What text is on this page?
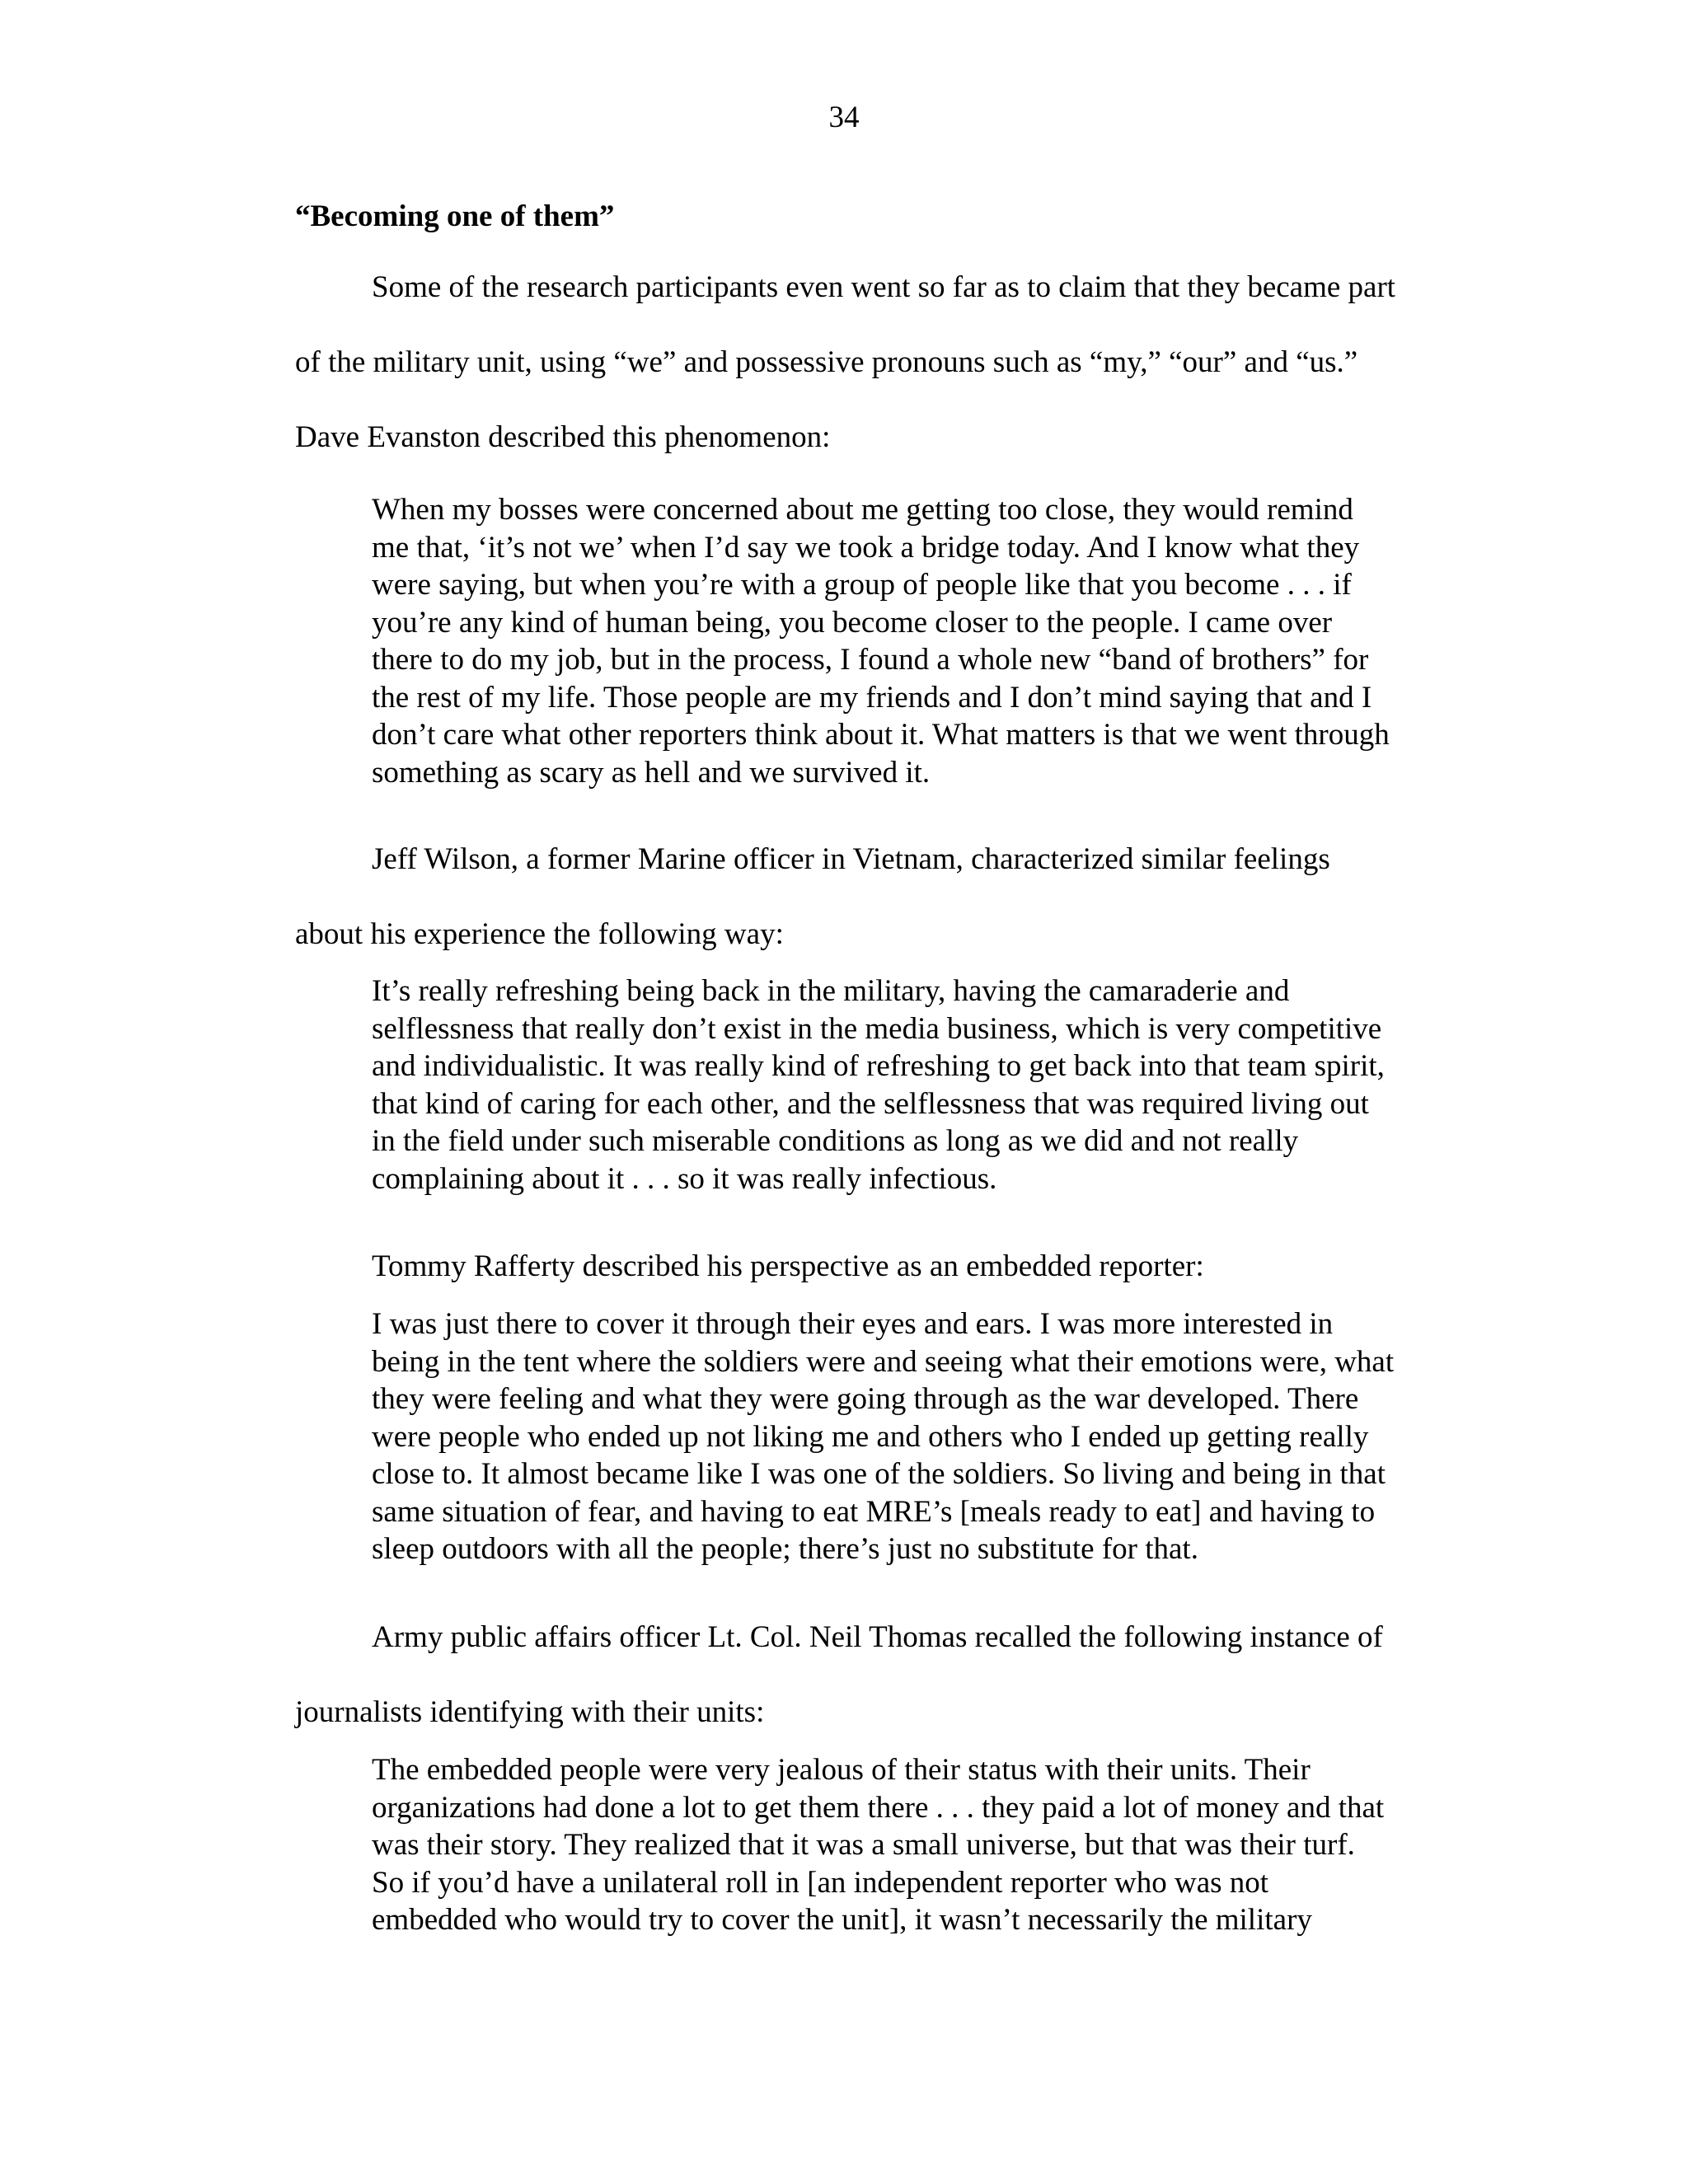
34
“Becoming one of them”
Some of the research participants even went so far as to claim that they became part
of the military unit, using “we” and possessive pronouns such as “my,” “our” and “us.”
Dave Evanston described this phenomenon:
When my bosses were concerned about me getting too close, they would remind
me that, ‘it’s not we’ when I’d say we took a bridge today. And I know what they
were saying, but when you’re with a group of people like that you become . . . if
you’re any kind of human being, you become closer to the people. I came over
there to do my job, but in the process, I found a whole new “band of brothers” for
the rest of my life. Those people are my friends and I don’t mind saying that and I
don’t care what other reporters think about it. What matters is that we went through
something as scary as hell and we survived it.
Jeff Wilson, a former Marine officer in Vietnam, characterized similar feelings
about his experience the following way:
It’s really refreshing being back in the military, having the camaraderie and
selflessness that really don’t exist in the media business, which is very competitive
and individualistic. It was really kind of refreshing to get back into that team spirit,
that kind of caring for each other, and the selflessness that was required living out
in the field under such miserable conditions as long as we did and not really
complaining about it . . . so it was really infectious.
Tommy Rafferty described his perspective as an embedded reporter:
I was just there to cover it through their eyes and ears. I was more interested in
being in the tent where the soldiers were and seeing what their emotions were, what
they were feeling and what they were going through as the war developed. There
were people who ended up not liking me and others who I ended up getting really
close to. It almost became like I was one of the soldiers. So living and being in that
same situation of fear, and having to eat MRE’s [meals ready to eat] and having to
sleep outdoors with all the people; there’s just no substitute for that.
Army public affairs officer Lt. Col. Neil Thomas recalled the following instance of
journalists identifying with their units:
The embedded people were very jealous of their status with their units. Their
organizations had done a lot to get them there . . . they paid a lot of money and that
was their story. They realized that it was a small universe, but that was their turf.
So if you’d have a unilateral roll in [an independent reporter who was not
embedded who would try to cover the unit], it wasn’t necessarily the military
